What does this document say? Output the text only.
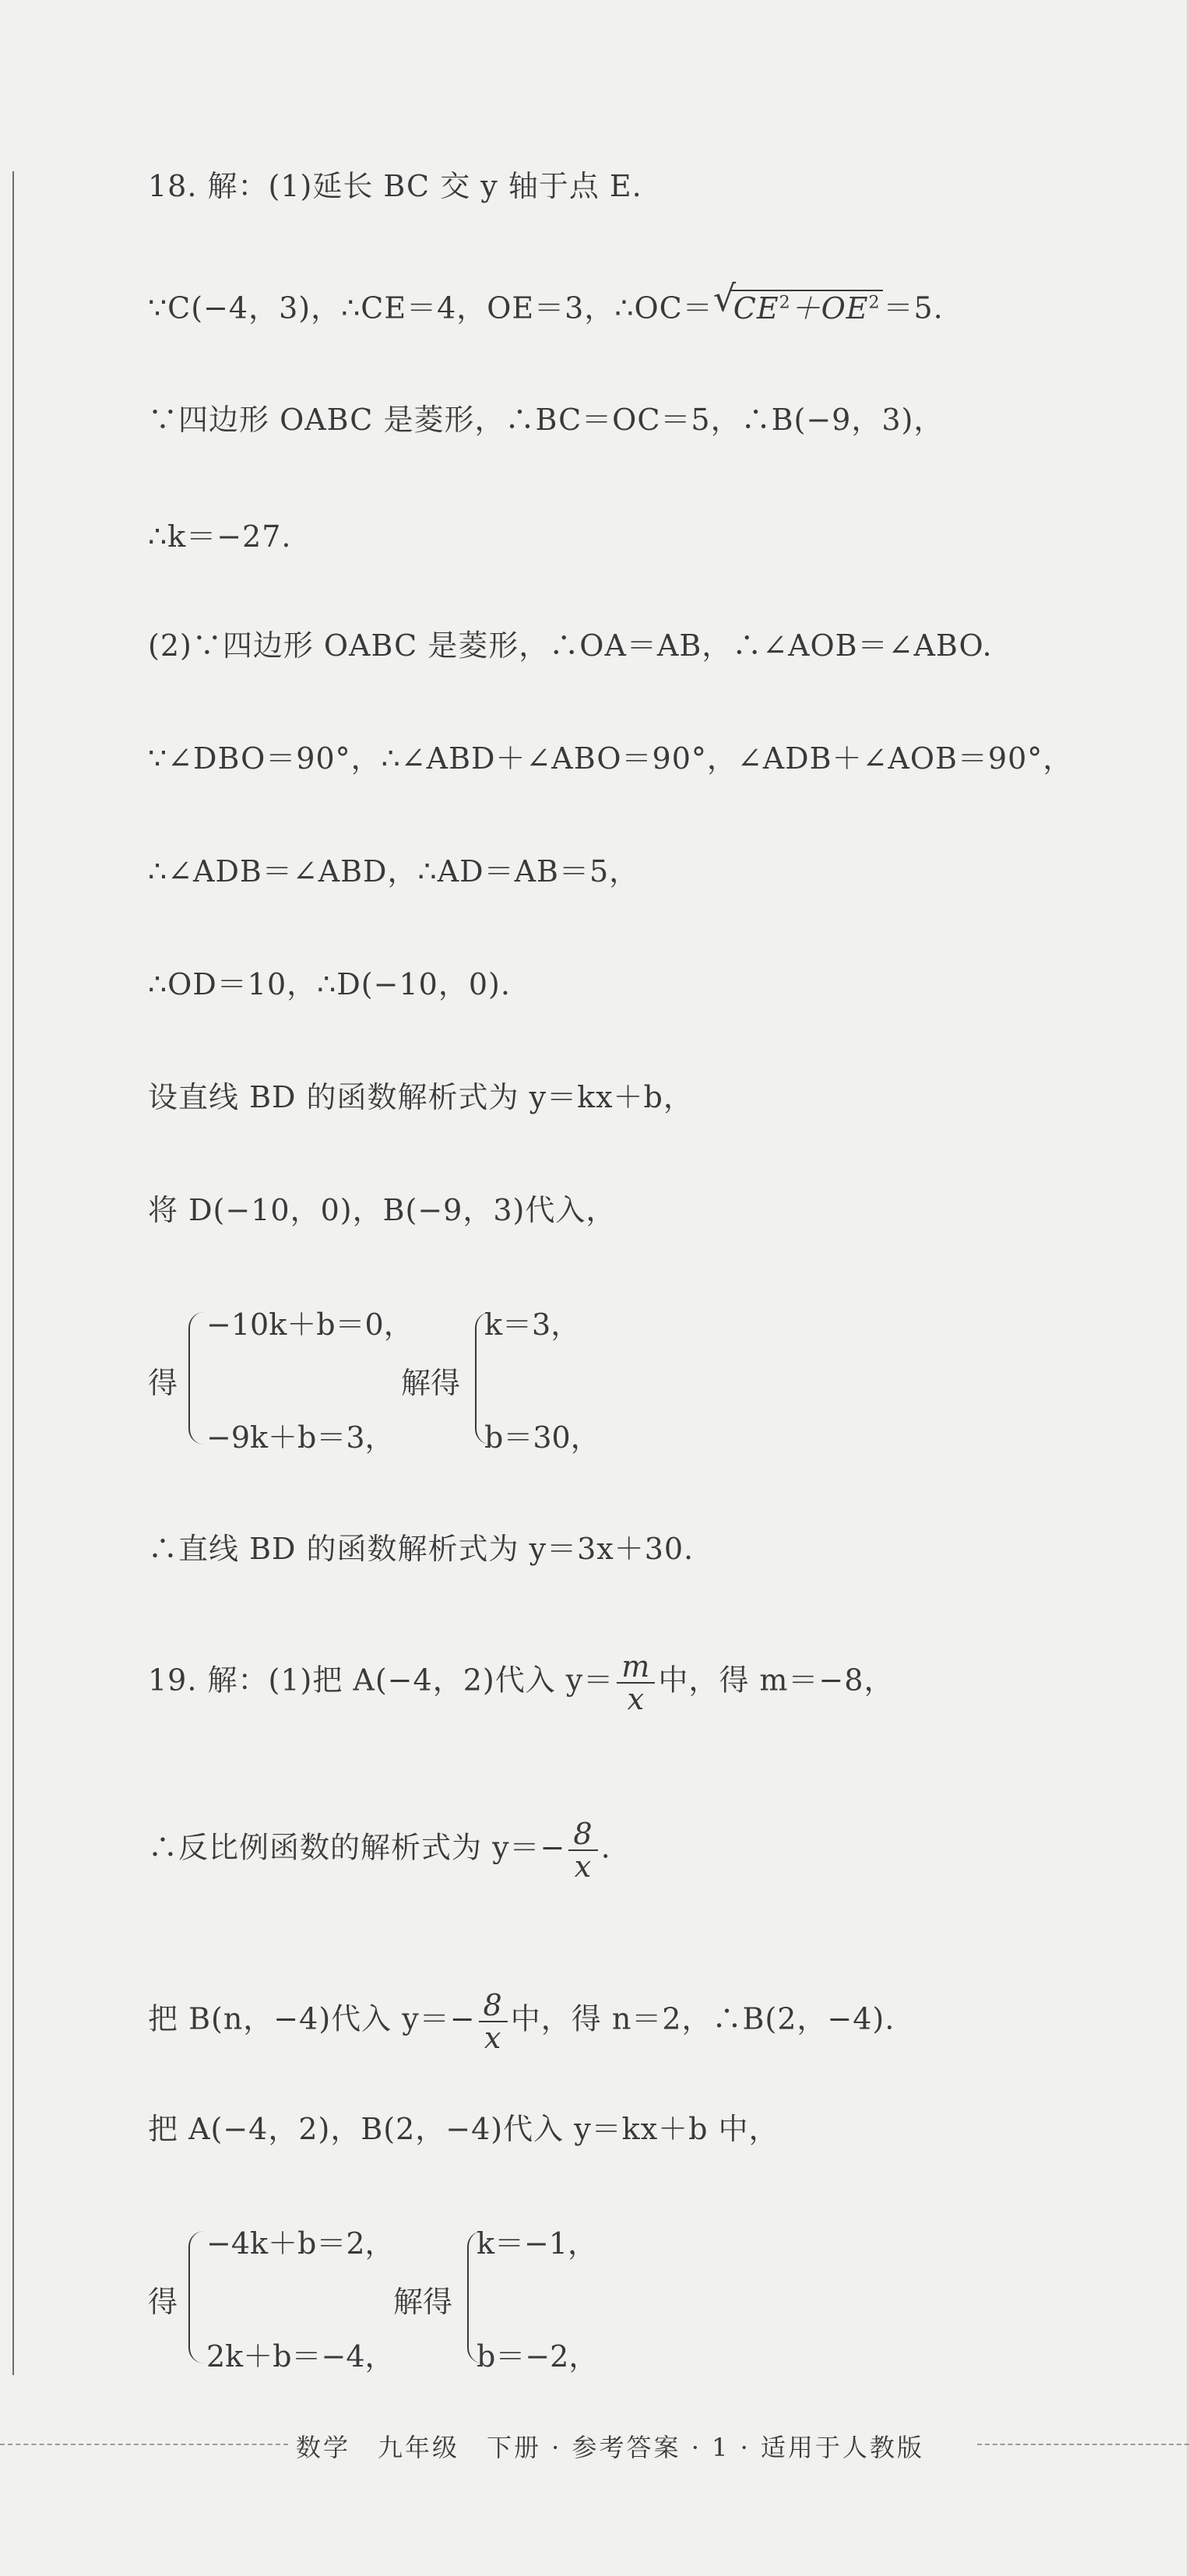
18. 解：(1)延长 BC 交 y 轴于点 E.
∵C(−4，3)，∴CE＝4，OE＝3，∴OC＝ √
$CE^2+OE^2 =5$.
∵四边形 OABC 是菱形，∴BC＝OC＝5，∴B(−9，3)，
∴k＝−27.
(2)∵四边形 OABC 是菱形，∴OA＝AB，∴∠AOB＝∠ABO.
∵∠DBO＝90°，∴∠ABD＋∠ABO＝90°，∠ADB＋∠AOB＝90°，
∴∠ADB＝∠ABD，∴AD＝AB＝5，
∴OD＝10，∴D(−10，0).
设直线 BD 的函数解析式为 y＝kx＋b，
将 D(−10，0)，B(−9，3)代入，
得
−10k＋b＝0，
−9k＋b＝3，
解得
k＝3，
b＝30，
∴直线 BD 的函数解析式为 y＝3x＋30.
19. 解：(1)把 A(−4，2)代入 $y= \frac{m}{x}$ 中，得 m＝−8，
∴反比例函数的解析式为 $y=- \frac{8}{x}$ .
把 B(n，−4)代入 $y=- \frac{8}{x}$ 中，得 n＝2，∴B(2，−4).
把 A(−4，2)，B(2，−4)代入 y＝kx＋b 中，
得
−4k＋b＝2，
2k＋b＝−4，
解得
k＝−1，
b＝−2，
数学　九年级　下册 · 参考答案 · 1 · 适用于人教版
